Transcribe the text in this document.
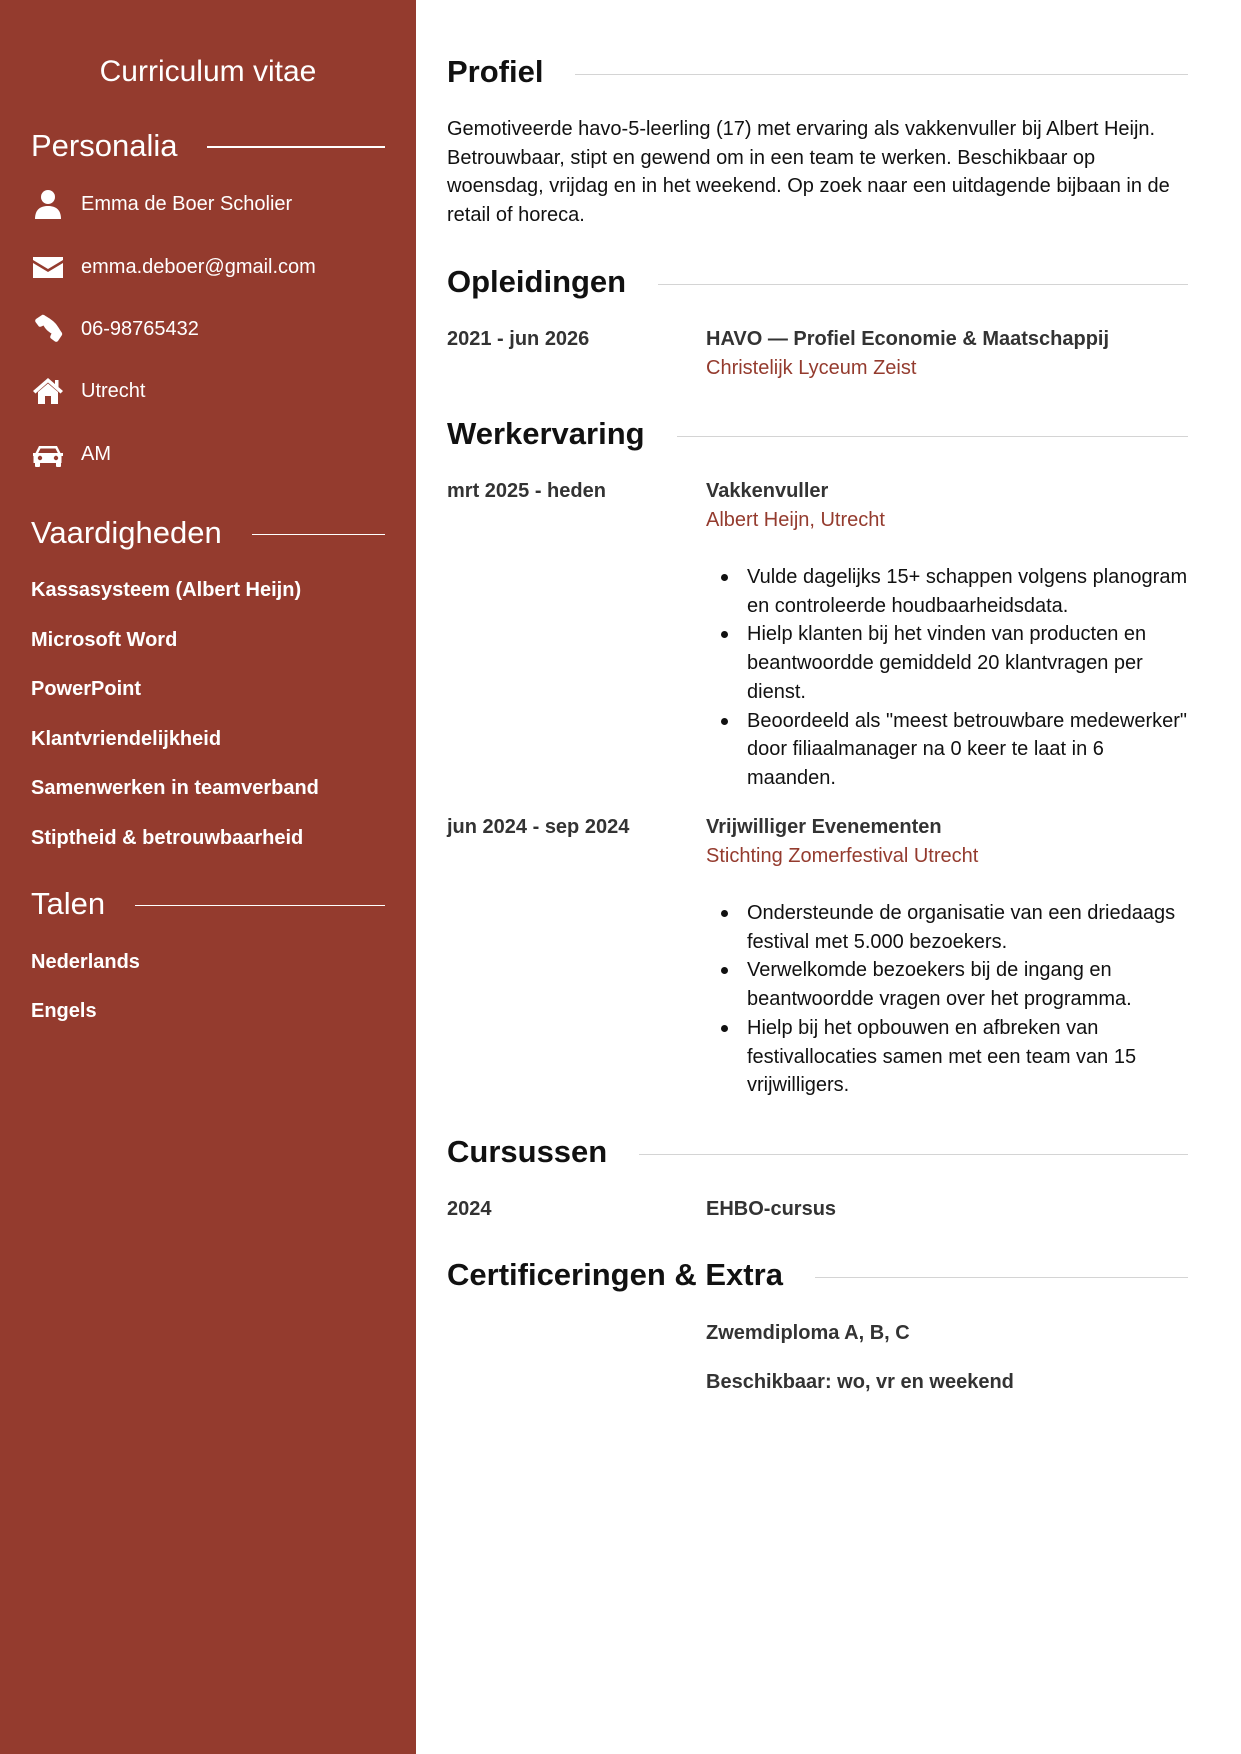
Curriculum vitae
Personalia
Emma de Boer Scholier
emma.deboer@gmail.com
06-98765432
Utrecht
AM
Vaardigheden
Kassasysteem (Albert Heijn)
Microsoft Word
PowerPoint
Klantvriendelijkheid
Samenwerken in teamverband
Stiptheid & betrouwbaarheid
Talen
Nederlands
Engels
Profiel

Gemotiveerde havo-5-leerling (17) met ervaring als vakkenvuller bij Albert Heijn. Betrouwbaar, stipt en gewend om in een team te werken. Beschikbaar op woensdag, vrijdag en in het weekend. Op zoek naar een uitdagende bijbaan in de retail of horeca.

Opleidingen
2021 - jun 2026	HAVO — Profiel Economie & Maatschappij
Christelijk Lyceum Zeist
Werkervaring
mrt 2025 - heden	Vakkenvuller
Albert Heijn, Utrecht
Vulde dagelijks 15+ schappen volgens planogram en controleerde houdbaarheidsdata.
Hielp klanten bij het vinden van producten en beantwoordde gemiddeld 20 klantvragen per dienst.
Beoordeeld als "meest betrouwbare medewerker" door filiaalmanager na 0 keer te laat in 6 maanden.
jun 2024 - sep 2024	Vrijwilliger Evenementen
Stichting Zomerfestival Utrecht
Ondersteunde de organisatie van een driedaags festival met 5.000 bezoekers.
Verwelkomde bezoekers bij de ingang en beantwoordde vragen over het programma.
Hielp bij het opbouwen en afbreken van festivallocaties samen met een team van 15 vrijwilligers.
Cursussen
2024	EHBO-cursus
Certificeringen & Extra
Zwemdiploma A, B, C
Beschikbaar: wo, vr en weekend
